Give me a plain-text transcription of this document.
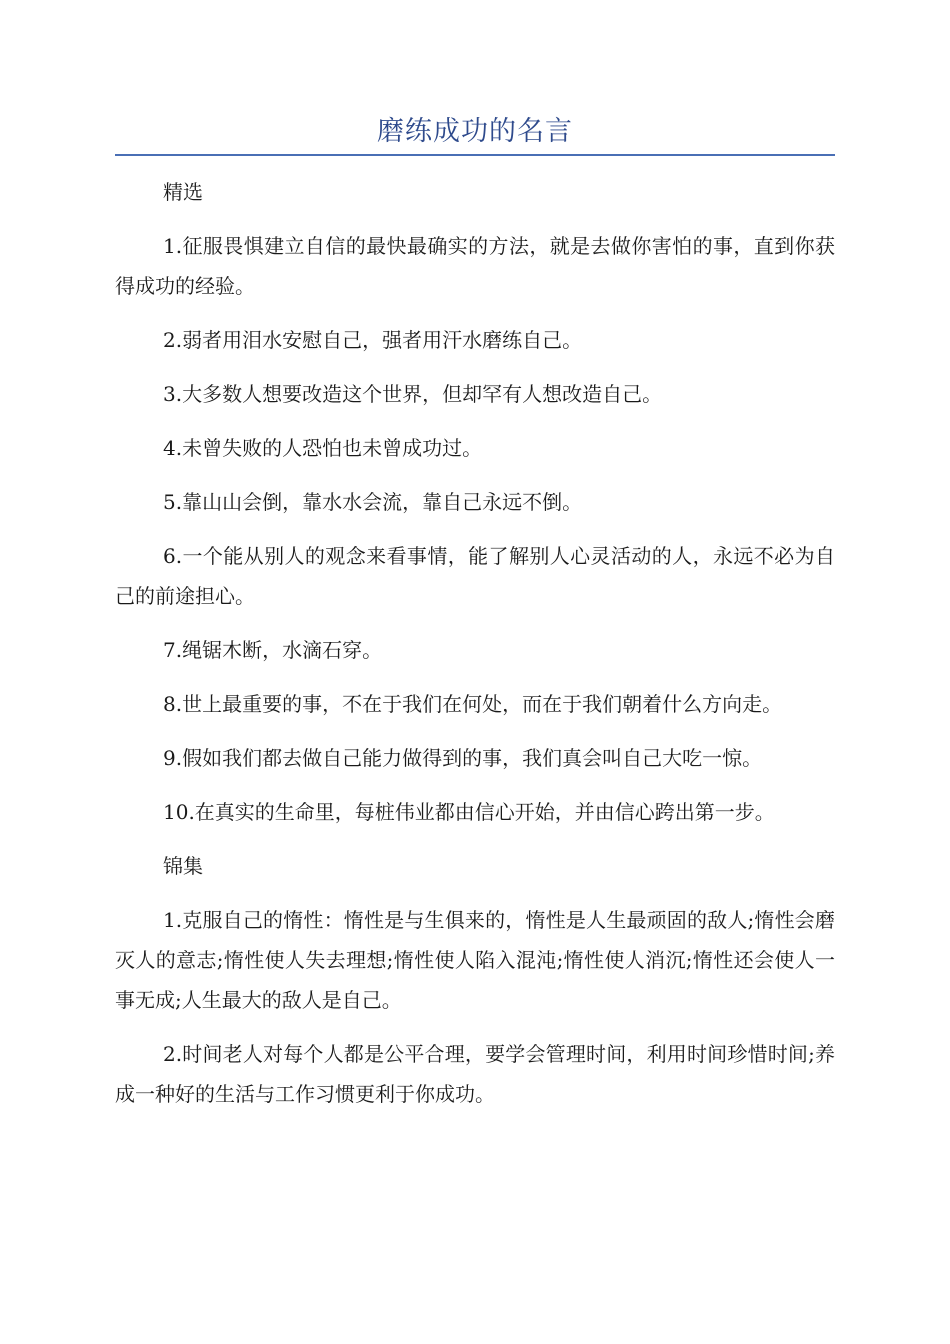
磨练成功的名言

精选

1.征服畏惧建立自信的最快最确实的方法，就是去做你害怕的事，直到你获得成功的经验。

2.弱者用泪水安慰自己，强者用汗水磨练自己。

3.大多数人想要改造这个世界，但却罕有人想改造自己。

4.未曾失败的人恐怕也未曾成功过。

5.靠山山会倒，靠水水会流，靠自己永远不倒。

6.一个能从别人的观念来看事情，能了解别人心灵活动的人，永远不必为自己的前途担心。

7.绳锯木断，水滴石穿。

8.世上最重要的事，不在于我们在何处，而在于我们朝着什么方向走。

9.假如我们都去做自己能力做得到的事，我们真会叫自己大吃一惊。

10.在真实的生命里，每桩伟业都由信心开始，并由信心跨出第一步。

锦集

1.克服自己的惰性：惰性是与生俱来的，惰性是人生最顽固的敌人;惰性会磨灭人的意志;惰性使人失去理想;惰性使人陷入混沌;惰性使人消沉;惰性还会使人一事无成;人生最大的敌人是自己。

2.时间老人对每个人都是公平合理，要学会管理时间，利用时间珍惜时间;养成一种好的生活与工作习惯更利于你成功。
